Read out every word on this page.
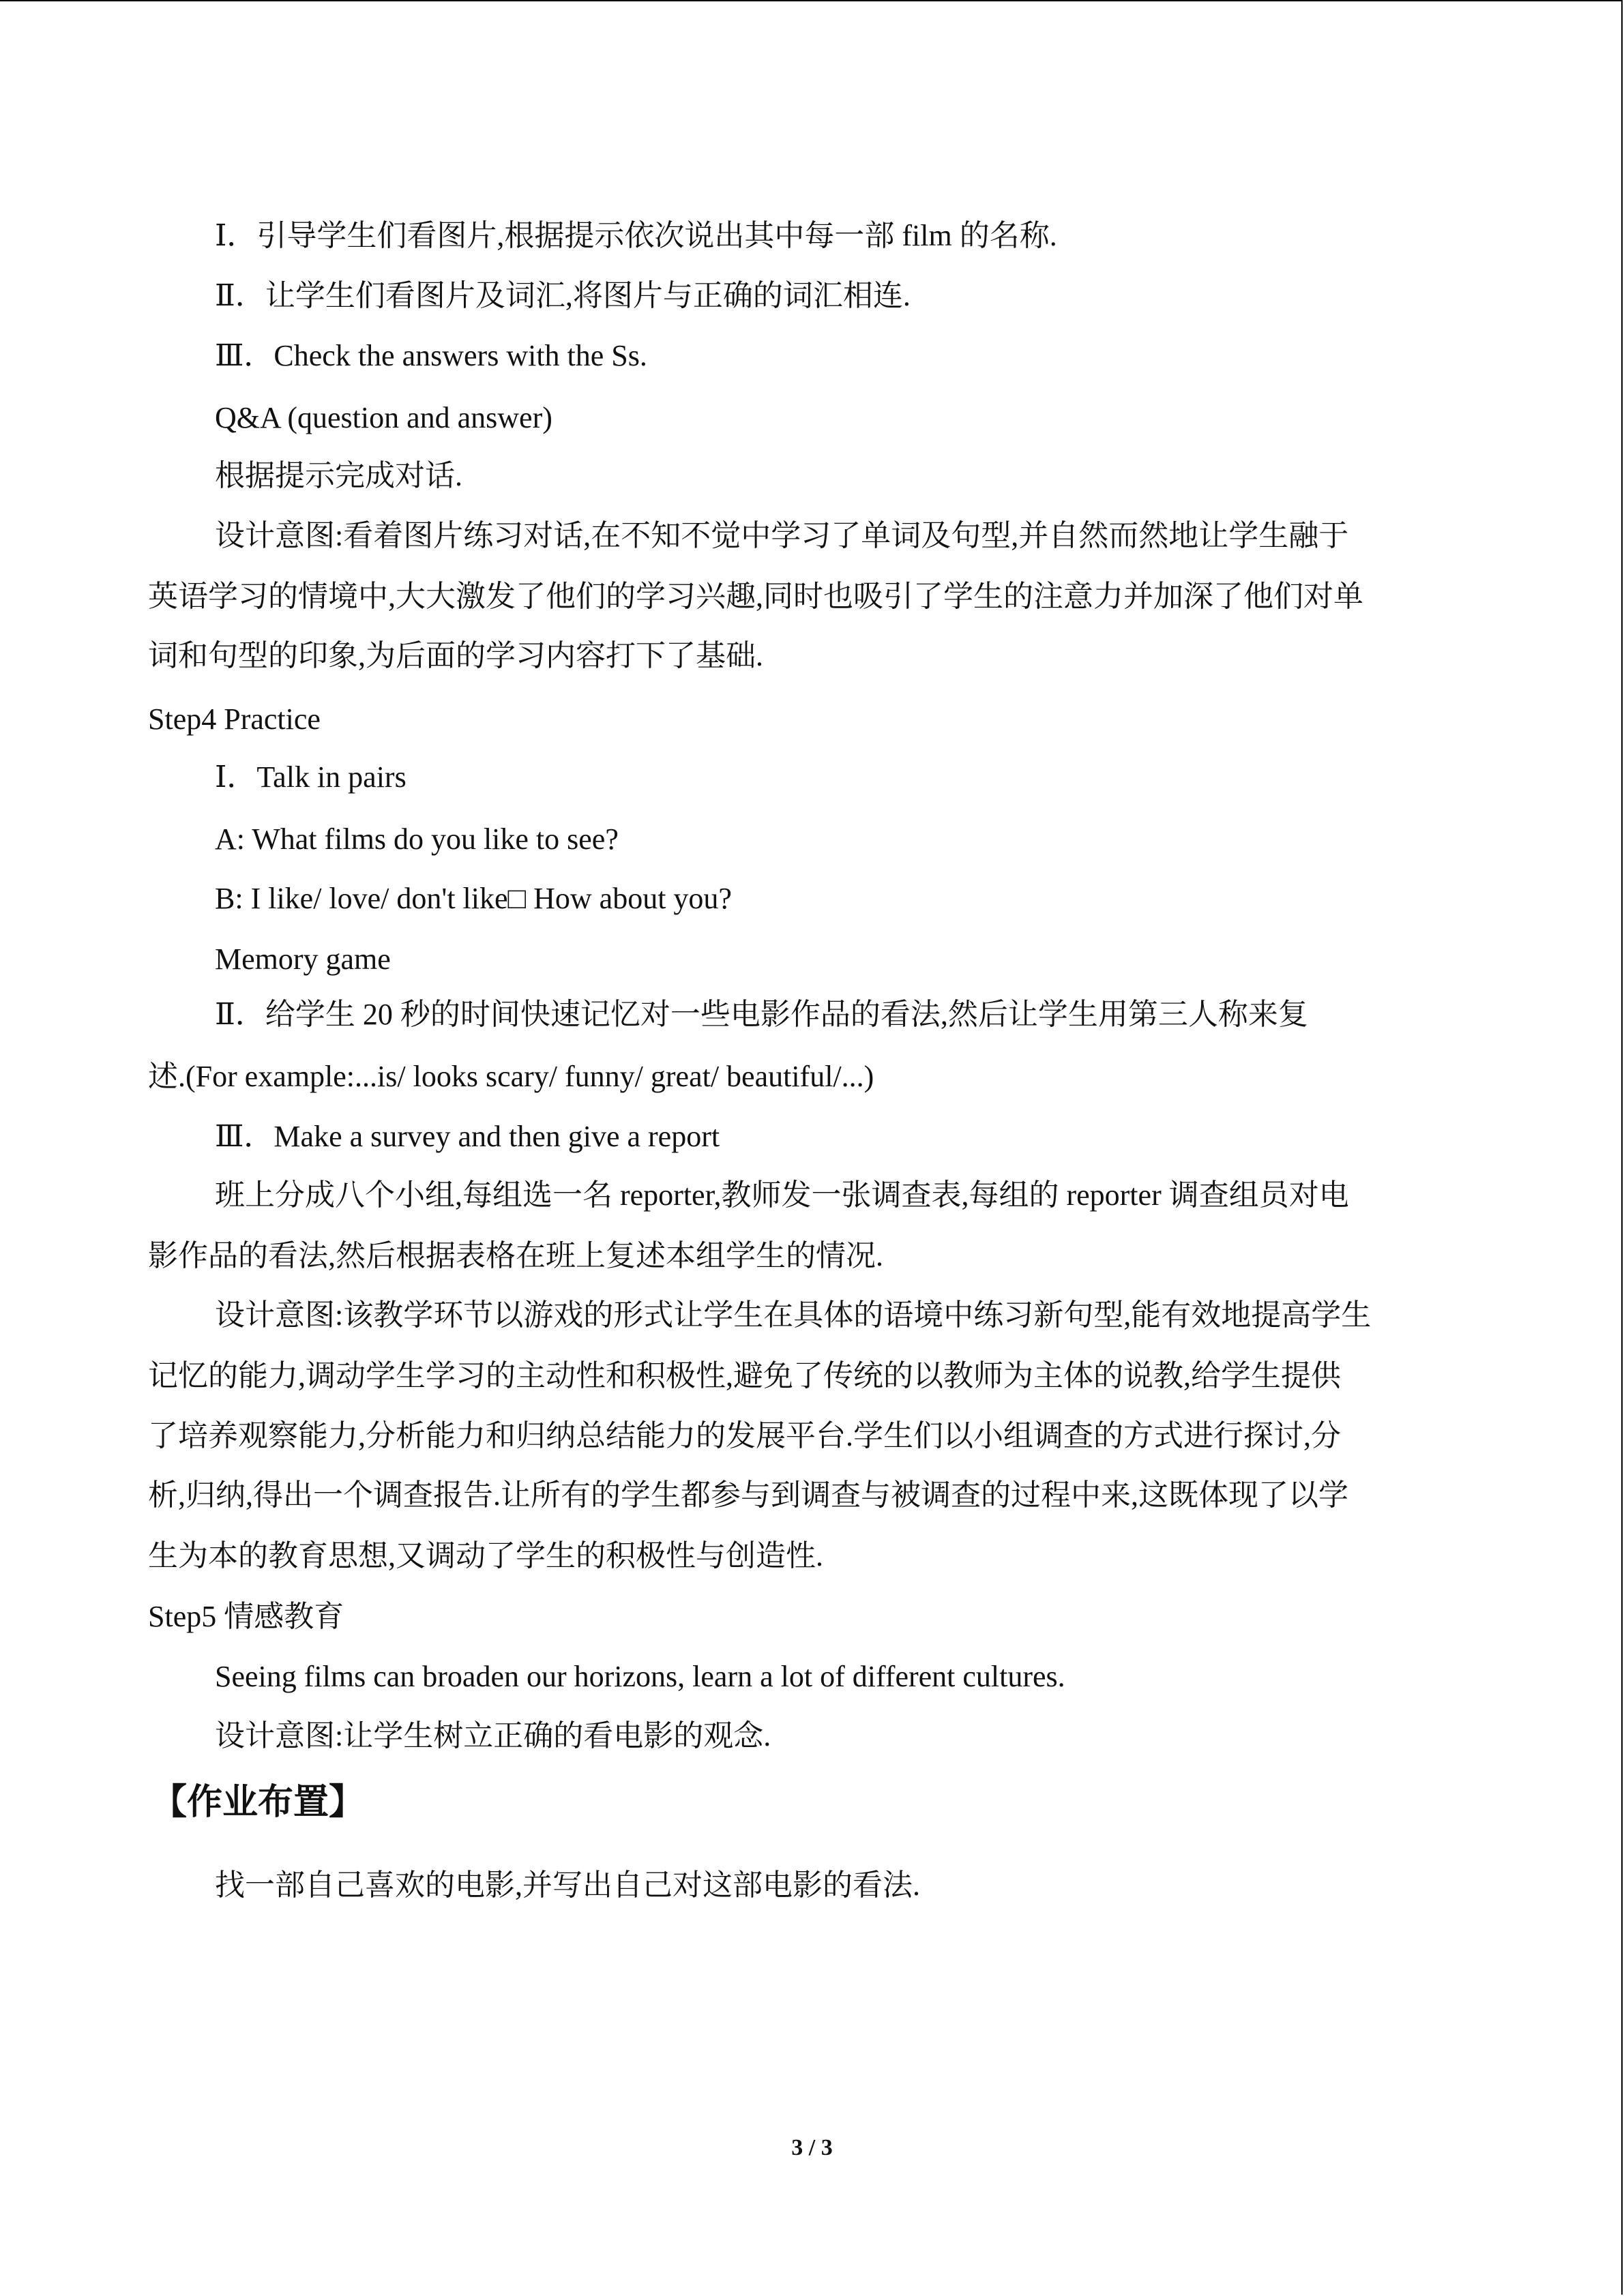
Ⅰ．引导学生们看图片,根据提示依次说出其中每一部 film 的名称.
Ⅱ．让学生们看图片及词汇,将图片与正确的词汇相连.
Ⅲ．Check the answers with the Ss.
Q&A (question and answer)
根据提示完成对话.
设计意图:看着图片练习对话,在不知不觉中学习了单词及句型,并自然而然地让学生融于
英语学习的情境中,大大激发了他们的学习兴趣,同时也吸引了学生的注意力并加深了他们对单
词和句型的印象,为后面的学习内容打下了基础.
Step4 Practice
Ⅰ．Talk in pairs
A: What films do you like to see?
B: I like/ love/ don't like□ How about you?
Memory game
Ⅱ．给学生 20 秒的时间快速记忆对一些电影作品的看法,然后让学生用第三人称来复
述.(For example:...is/ looks scary/ funny/ great/ beautiful/...)
Ⅲ．Make a survey and then give a report
班上分成八个小组,每组选一名 reporter,教师发一张调查表,每组的 reporter 调查组员对电
影作品的看法,然后根据表格在班上复述本组学生的情况.
设计意图:该教学环节以游戏的形式让学生在具体的语境中练习新句型,能有效地提高学生
记忆的能力,调动学生学习的主动性和积极性,避免了传统的以教师为主体的说教,给学生提供
了培养观察能力,分析能力和归纳总结能力的发展平台.学生们以小组调查的方式进行探讨,分
析,归纳,得出一个调查报告.让所有的学生都参与到调查与被调查的过程中来,这既体现了以学
生为本的教育思想,又调动了学生的积极性与创造性.
Step5 情感教育
Seeing films can broaden our horizons, learn a lot of different cultures.
设计意图:让学生树立正确的看电影的观念.
【作业布置】
找一部自己喜欢的电影,并写出自己对这部电影的看法.
3 / 3
